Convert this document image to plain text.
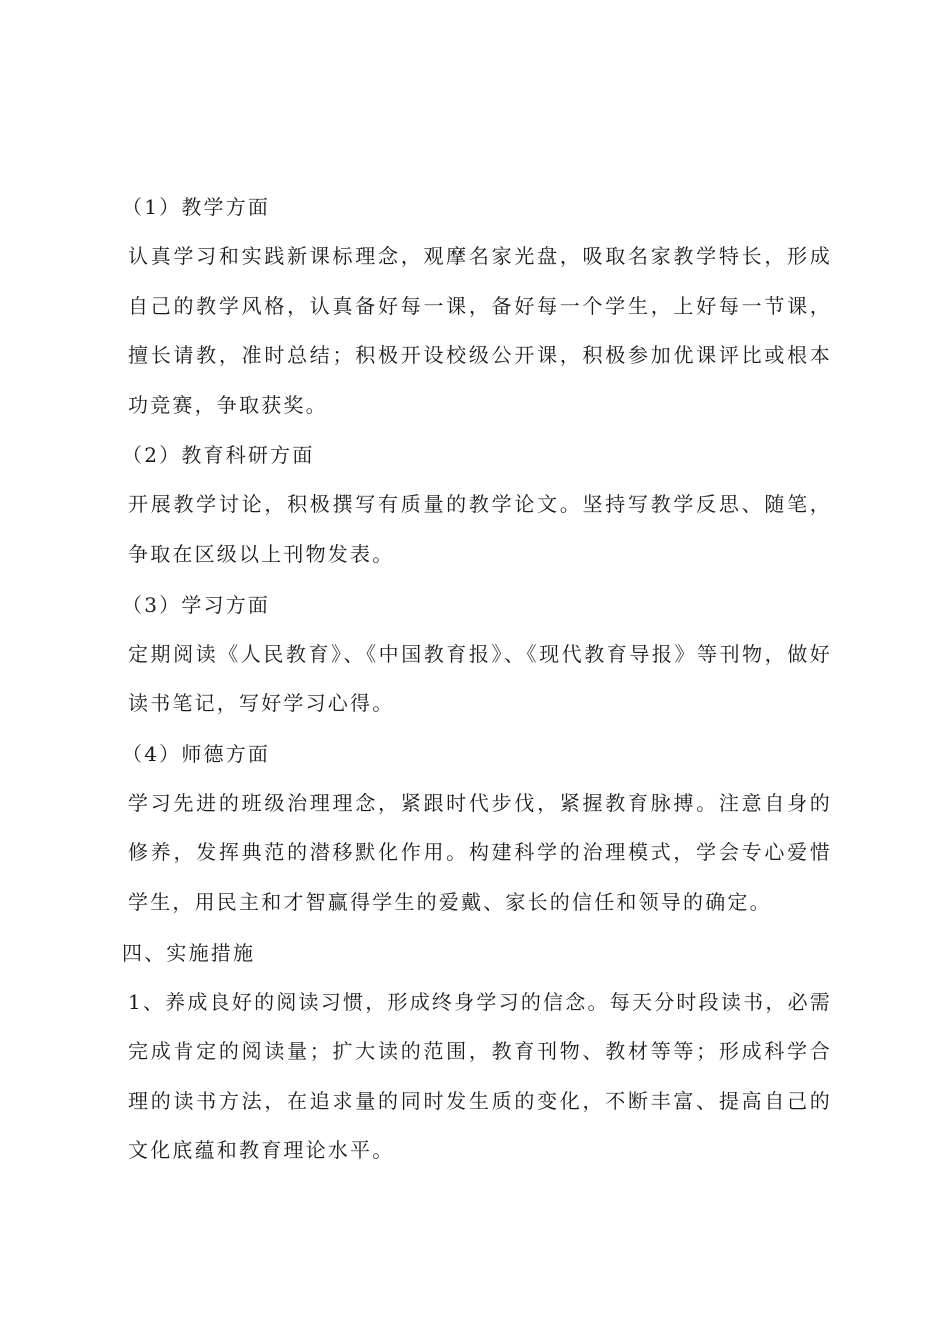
（1）教学方面

认真学习和实践新课标理念，观摩名家光盘，吸取名家教学特长，形成自己的教学风格，认真备好每一课，备好每一个学生，上好每一节课，擅长请教，准时总结；积极开设校级公开课，积极参加优课评比或根本功竞赛，争取获奖。

（2）教育科研方面

开展教学讨论，积极撰写有质量的教学论文。坚持写教学反思、随笔，争取在区级以上刊物发表。

（3）学习方面

定期阅读《人民教育》、《中国教育报》、《现代教育导报》等刊物，做好读书笔记，写好学习心得。

（4）师德方面

学习先进的班级治理理念，紧跟时代步伐，紧握教育脉搏。注意自身的修养，发挥典范的潜移默化作用。构建科学的治理模式，学会专心爱惜学生，用民主和才智赢得学生的爱戴、家长的信任和领导的确定。

四、实施措施

1、养成良好的阅读习惯，形成终身学习的信念。每天分时段读书，必需完成肯定的阅读量；扩大读的范围，教育刊物、教材等等；形成科学合理的读书方法，在追求量的同时发生质的变化，不断丰富、提高自己的文化底蕴和教育理论水平。
